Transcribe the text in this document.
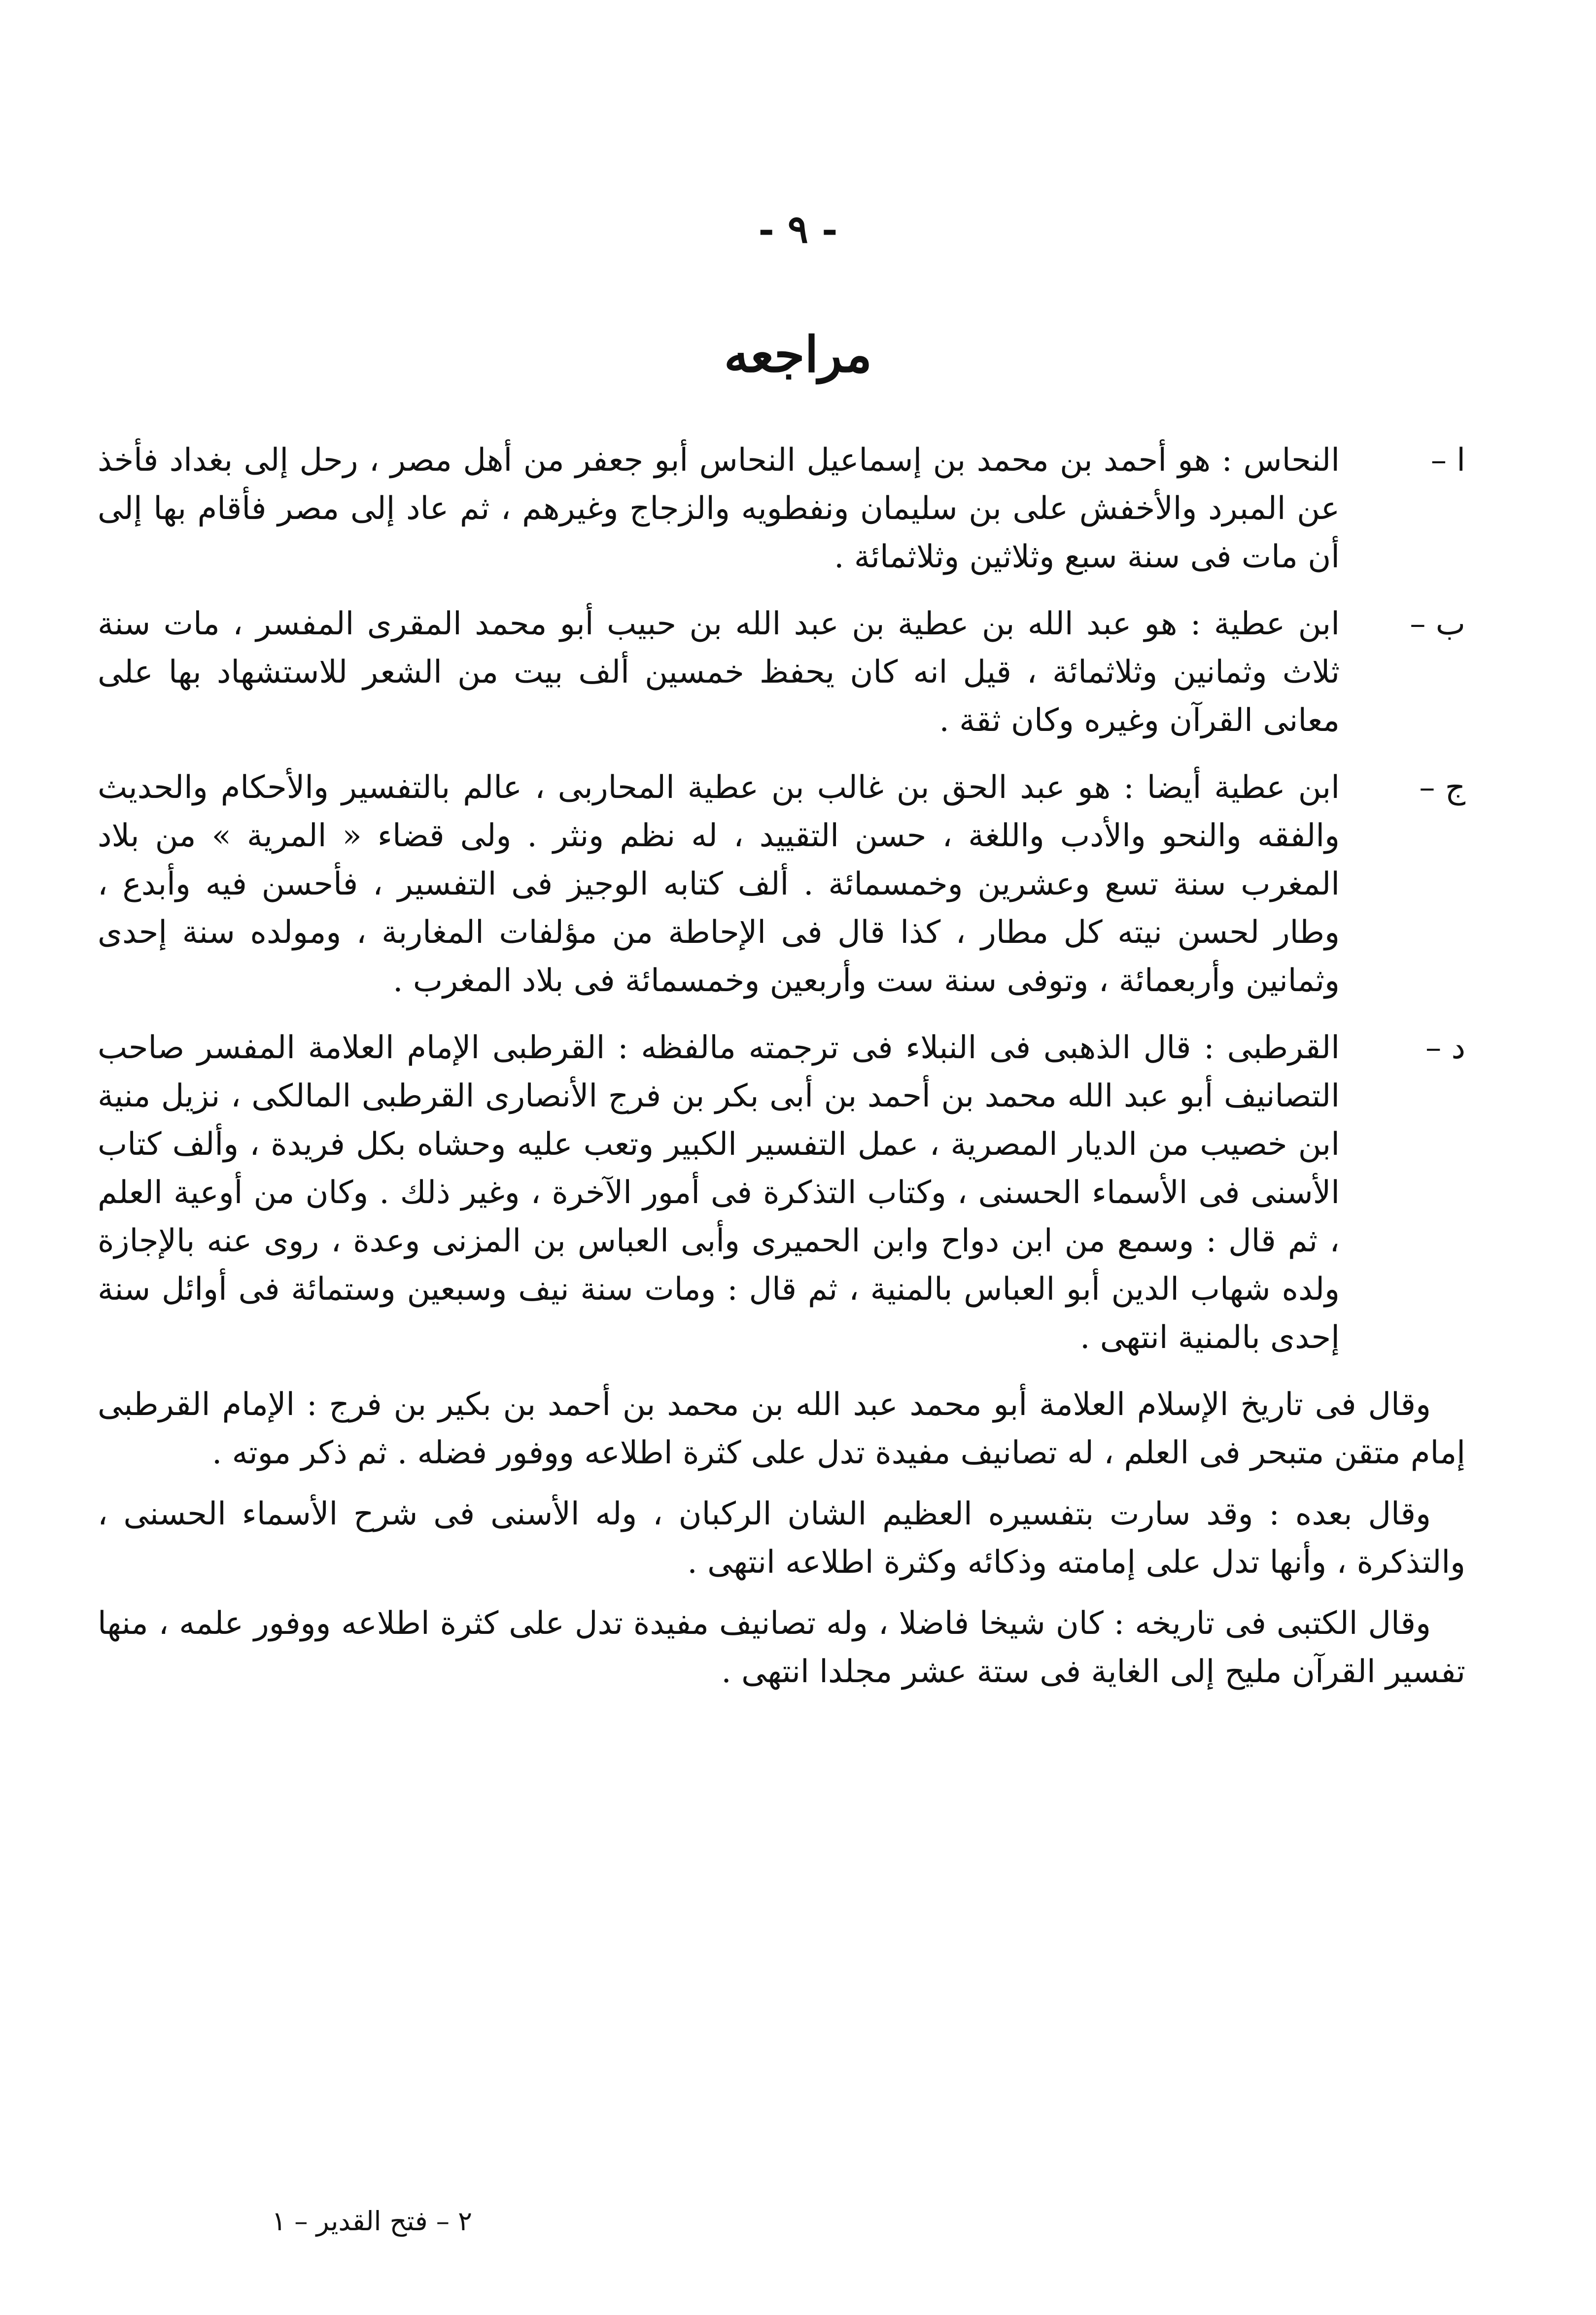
- ٩ -
مراجعه
ا –
النحاس : هو أحمد بن محمد بن إسماعيل النحاس أبو جعفر من أهل مصر ، رحل إلى بغداد فأخذ عن المبرد والأخفش على بن سليمان ونفطويه والزجاج وغيرهم ، ثم عاد إلى مصر فأقام بها إلى أن مات فى سنة سبع وثلاثين وثلاثمائة .
ب –
ابن عطية : هو عبد الله بن عطية بن عبد الله بن حبيب أبو محمد المقرى المفسر ، مات سنة ثلاث وثمانين وثلاثمائة ، قيل انه كان يحفظ خمسين ألف بيت من الشعر للاستشهاد بها على معانى القرآن وغيره وكان ثقة .
ج –
ابن عطية أيضا : هو عبد الحق بن غالب بن عطية المحاربى ، عالم بالتفسير والأحكام والحديث والفقه والنحو والأدب واللغة ، حسن التقييد ، له نظم ونثر . ولى قضاء « المرية » من بلاد المغرب سنة تسع وعشرين وخمسمائة . ألف كتابه الوجيز فى التفسير ، فأحسن فيه وأبدع ، وطار لحسن نيته كل مطار ، كذا قال فى الإحاطة من مؤلفات المغاربة ، ومولده سنة إحدى وثمانين وأربعمائة ، وتوفى سنة ست وأربعين وخمسمائة فى بلاد المغرب .
د –
القرطبى : قال الذهبى فى النبلاء فى ترجمته مالفظه : القرطبى الإمام العلامة المفسر صاحب التصانيف أبو عبد الله محمد بن أحمد بن أبى بكر بن فرج الأنصارى القرطبى المالكى ، نزيل منية ابن خصيب من الديار المصرية ، عمل التفسير الكبير وتعب عليه وحشاه بكل فريدة ، وألف كتاب الأسنى فى الأسماء الحسنى ، وكتاب التذكرة فى أمور الآخرة ، وغير ذلك . وكان من أوعية العلم ، ثم قال : وسمع من ابن دواح وابن الحميرى وأبى العباس بن المزنى وعدة ، روى عنه بالإجازة ولده شهاب الدين أبو العباس بالمنية ، ثم قال : ومات سنة نيف وسبعين وستمائة فى أوائل سنة إحدى بالمنية انتهى .

وقال فى تاريخ الإسلام العلامة أبو محمد عبد الله بن محمد بن أحمد بن بكير بن فرج : الإمام القرطبى إمام متقن متبحر فى العلم ، له تصانيف مفيدة تدل على كثرة اطلاعه ووفور فضله . ثم ذكر موته .

وقال بعده : وقد سارت بتفسيره العظيم الشان الركبان ، وله الأسنى فى شرح الأسماء الحسنى ، والتذكرة ، وأنها تدل على إمامته وذكائه وكثرة اطلاعه انتهى .

وقال الكتبى فى تاريخه : كان شيخا فاضلا ، وله تصانيف مفيدة تدل على كثرة اطلاعه ووفور علمه ، منها تفسير القرآن مليح إلى الغاية فى ستة عشر مجلدا انتهى .

٢ – فتح القدير – ١
